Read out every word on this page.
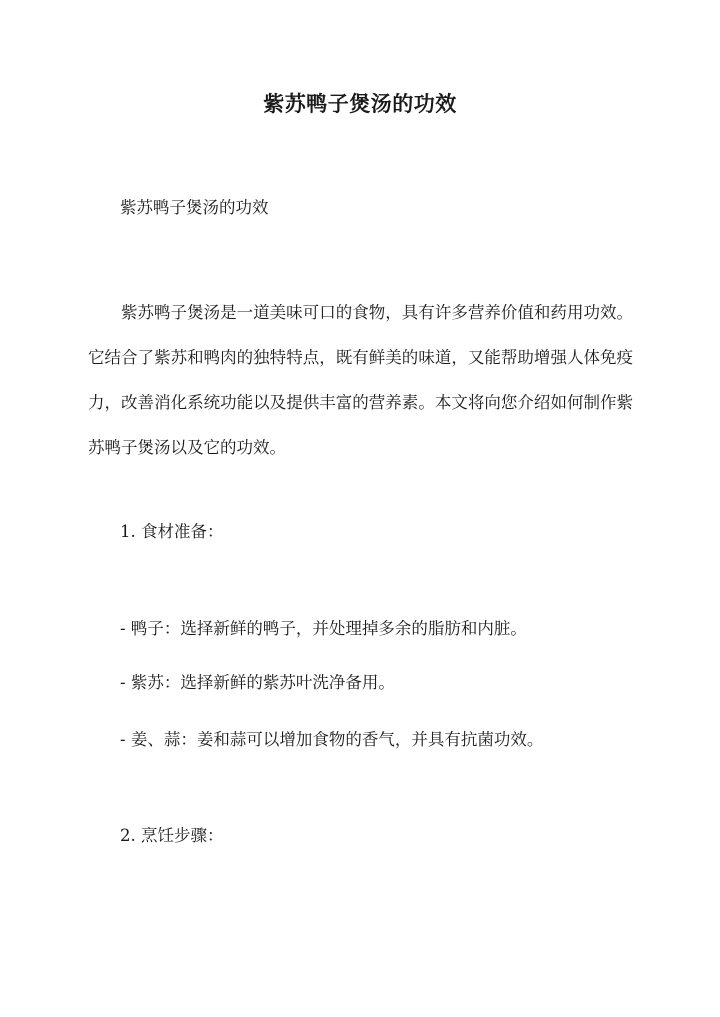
紫苏鸭子煲汤的功效
紫苏鸭子煲汤的功效
紫苏鸭子煲汤是一道美味可口的食物，具有许多营养价值和药用功效。它结合了紫苏和鸭肉的独特特点，既有鲜美的味道，又能帮助增强人体免疫力，改善消化系统功能以及提供丰富的营养素。本文将向您介绍如何制作紫苏鸭子煲汤以及它的功效。
1. 食材准备：
- 鸭子：选择新鲜的鸭子，并处理掉多余的脂肪和内脏。
- 紫苏：选择新鲜的紫苏叶洗净备用。
- 姜、蒜：姜和蒜可以增加食物的香气，并具有抗菌功效。
2. 烹饪步骤：
